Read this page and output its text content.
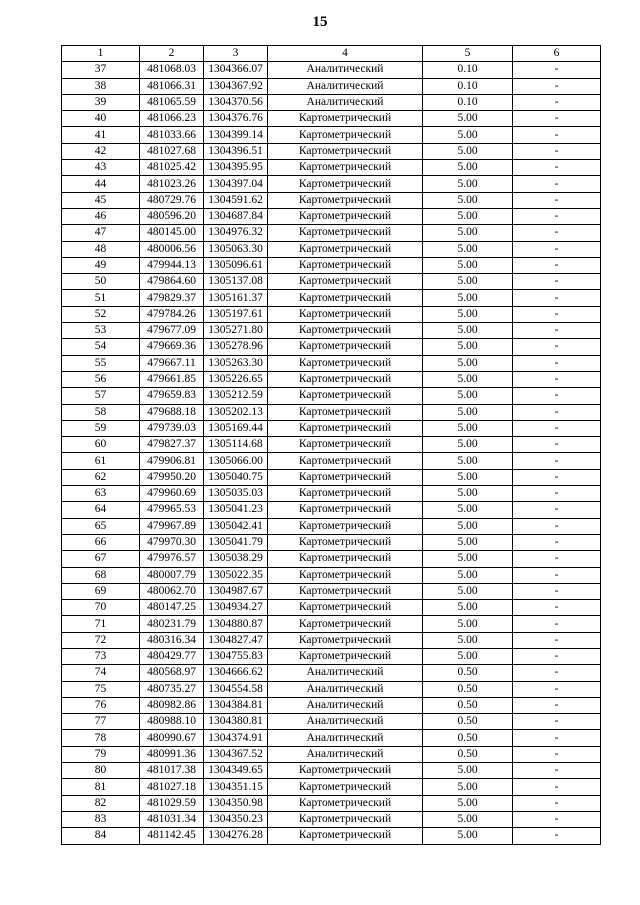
15
1	2	3	4	5	6
37	481068.03	1304366.07	Аналитический	0.10	-
38	481066.31	1304367.92	Аналитический	0.10	-
39	481065.59	1304370.56	Аналитический	0.10	-
40	481066.23	1304376.76	Картометрический	5.00	-
41	481033.66	1304399.14	Картометрический	5.00	-
42	481027.68	1304396.51	Картометрический	5.00	-
43	481025.42	1304395.95	Картометрический	5.00	-
44	481023.26	1304397.04	Картометрический	5.00	-
45	480729.76	1304591.62	Картометрический	5.00	-
46	480596.20	1304687.84	Картометрический	5.00	-
47	480145.00	1304976.32	Картометрический	5.00	-
48	480006.56	1305063.30	Картометрический	5.00	-
49	479944.13	1305096.61	Картометрический	5.00	-
50	479864.60	1305137.08	Картометрический	5.00	-
51	479829.37	1305161.37	Картометрический	5.00	-
52	479784.26	1305197.61	Картометрический	5.00	-
53	479677.09	1305271.80	Картометрический	5.00	-
54	479669.36	1305278.96	Картометрический	5.00	-
55	479667.11	1305263.30	Картометрический	5.00	-
56	479661.85	1305226.65	Картометрический	5.00	-
57	479659.83	1305212.59	Картометрический	5.00	-
58	479688.18	1305202.13	Картометрический	5.00	-
59	479739.03	1305169.44	Картометрический	5.00	-
60	479827.37	1305114.68	Картометрический	5.00	-
61	479906.81	1305066.00	Картометрический	5.00	-
62	479950.20	1305040.75	Картометрический	5.00	-
63	479960.69	1305035.03	Картометрический	5.00	-
64	479965.53	1305041.23	Картометрический	5.00	-
65	479967.89	1305042.41	Картометрический	5.00	-
66	479970.30	1305041.79	Картометрический	5.00	-
67	479976.57	1305038.29	Картометрический	5.00	-
68	480007.79	1305022.35	Картометрический	5.00	-
69	480062.70	1304987.67	Картометрический	5.00	-
70	480147.25	1304934.27	Картометрический	5.00	-
71	480231.79	1304880.87	Картометрический	5.00	-
72	480316.34	1304827.47	Картометрический	5.00	-
73	480429.77	1304755.83	Картометрический	5.00	-
74	480568.97	1304666.62	Аналитический	0.50	-
75	480735.27	1304554.58	Аналитический	0.50	-
76	480982.86	1304384.81	Аналитический	0.50	-
77	480988.10	1304380.81	Аналитический	0.50	-
78	480990.67	1304374.91	Аналитический	0.50	-
79	480991.36	1304367.52	Аналитический	0.50	-
80	481017.38	1304349.65	Картометрический	5.00	-
81	481027.18	1304351.15	Картометрический	5.00	-
82	481029.59	1304350.98	Картометрический	5.00	-
83	481031.34	1304350.23	Картометрический	5.00	-
84	481142.45	1304276.28	Картометрический	5.00	-
